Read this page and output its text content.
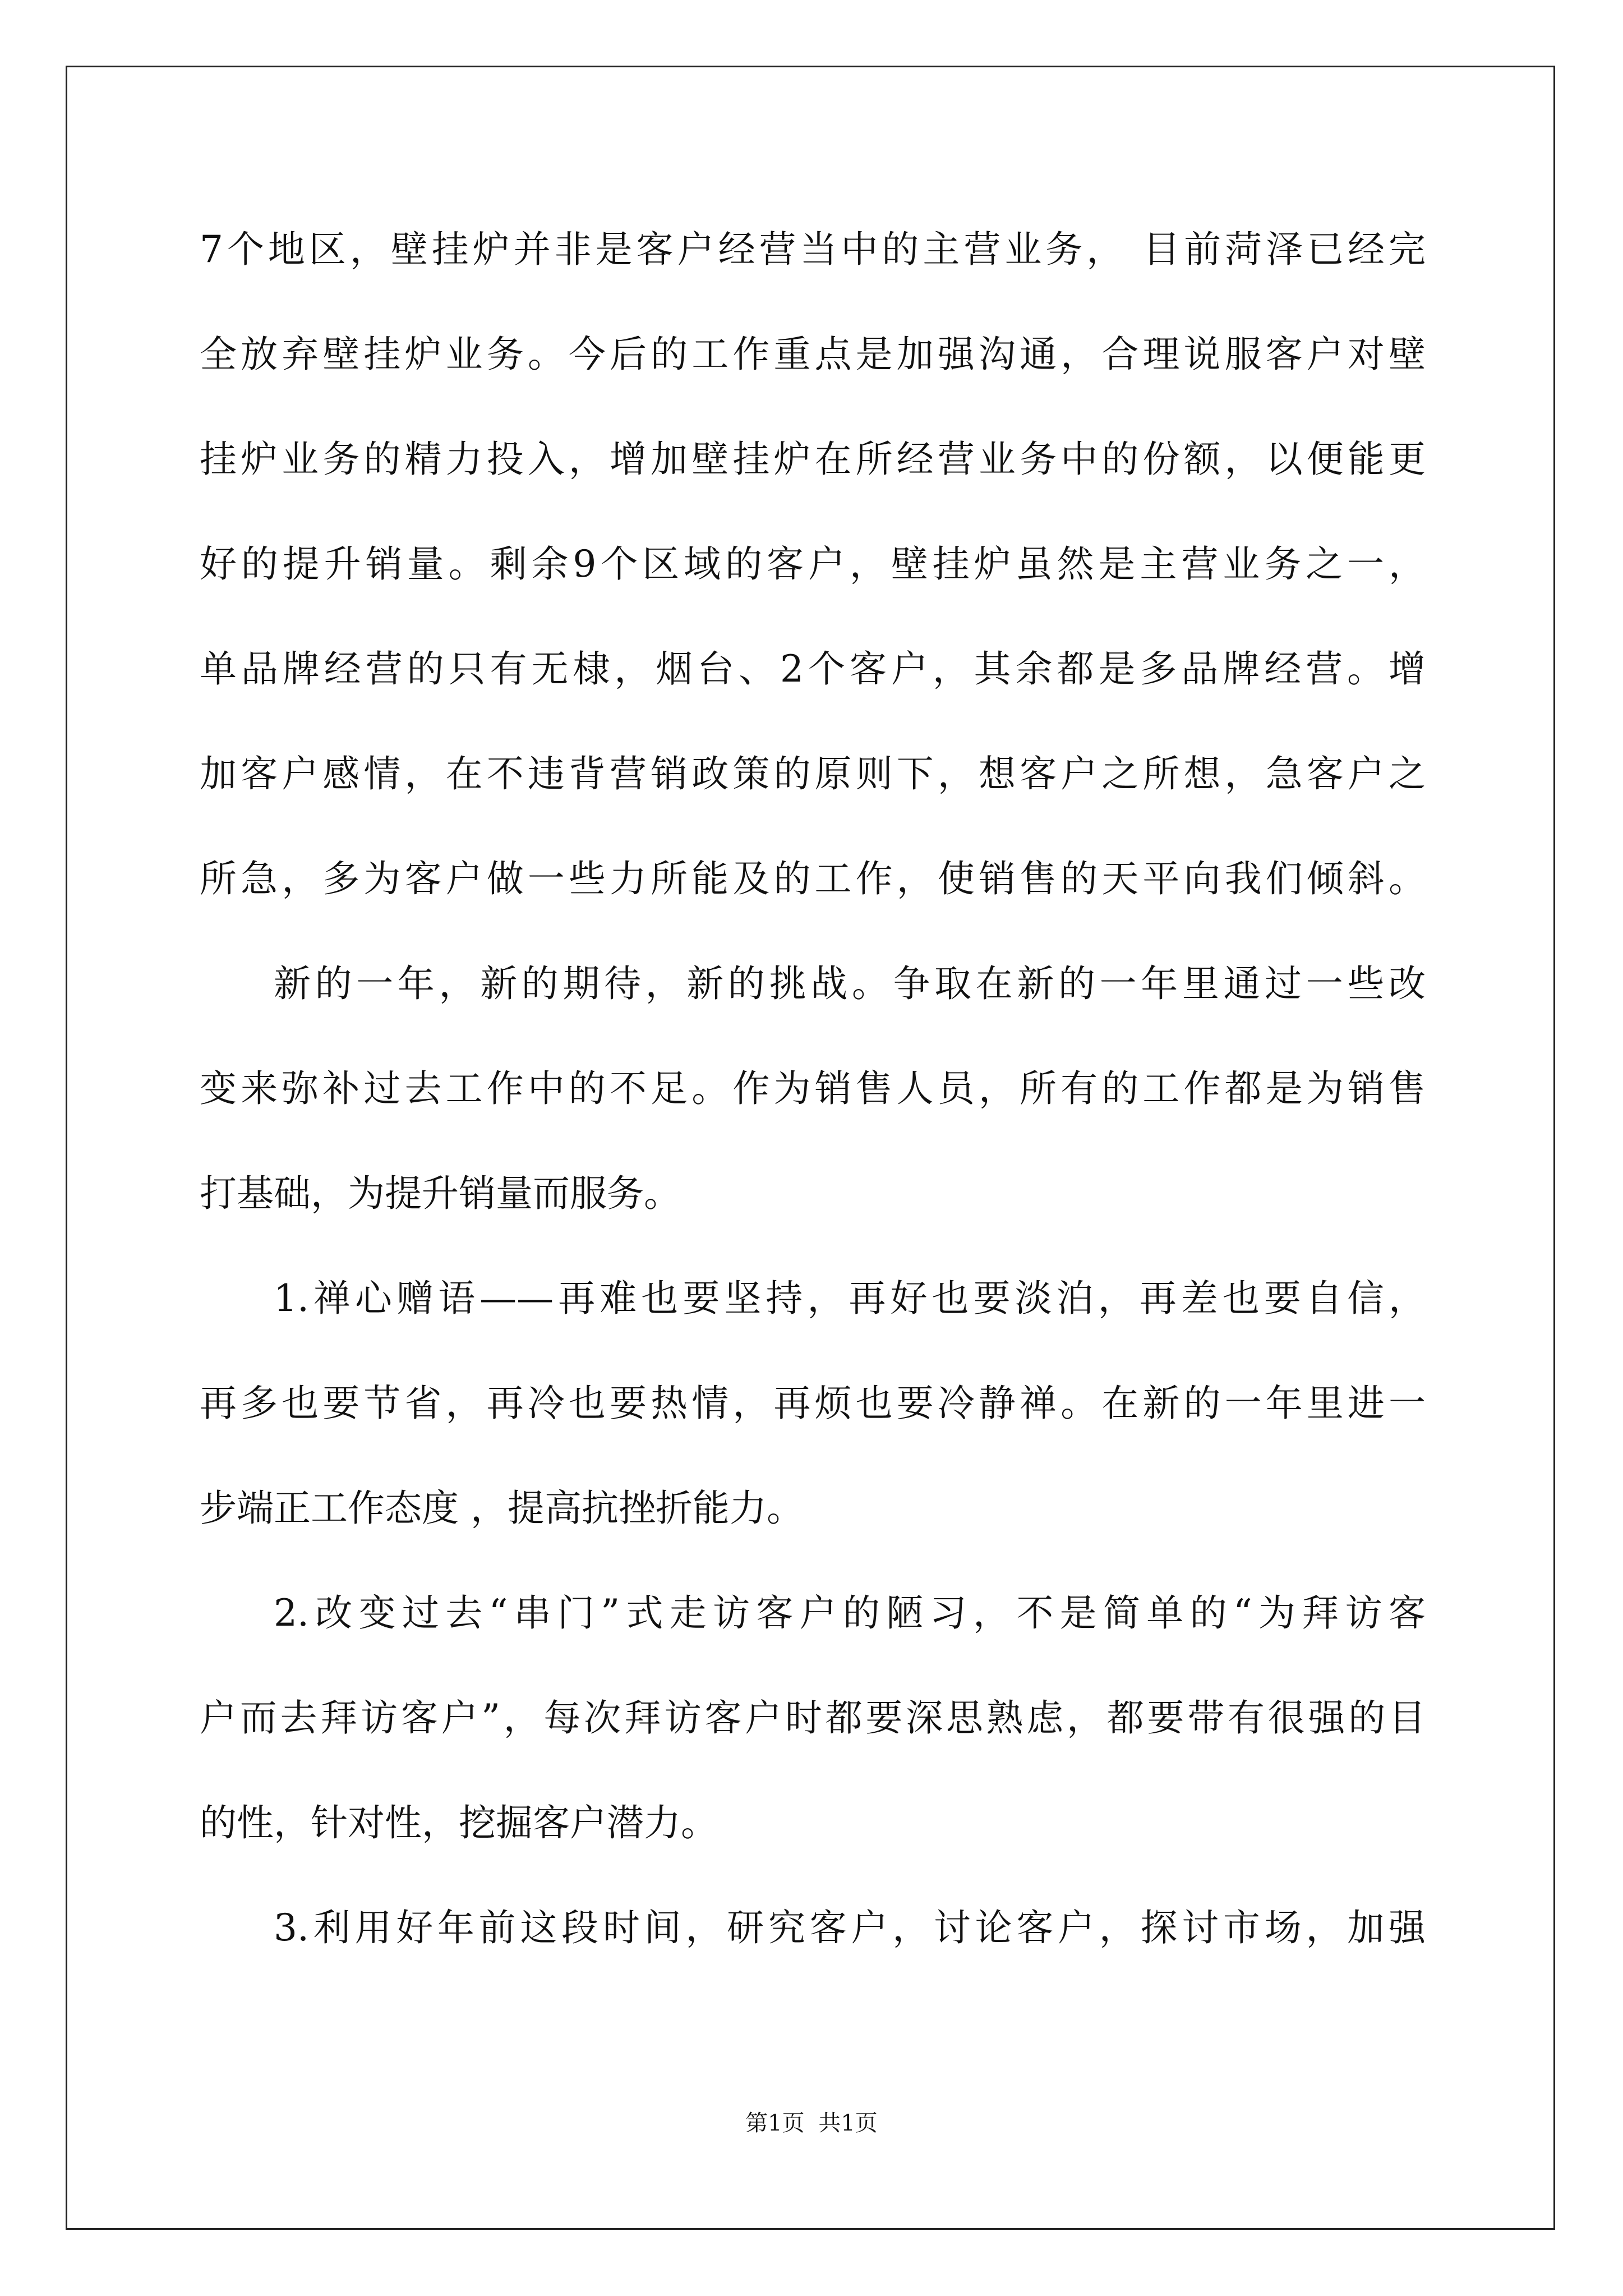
7个地区，壁挂炉并非是客户经营当中的主营业务， 目前菏泽已经完
全放弃壁挂炉业务。今后的工作重点是加强沟通，合理说服客户对壁
挂炉业务的精力投入，增加壁挂炉在所经营业务中的份额，以便能更
好的提升销量。剩余9个区域的客户，壁挂炉虽然是主营业务之一，
单品牌经营的只有无棣，烟台、2个客户，其余都是多品牌经营。增
加客户感情，在不违背营销政策的原则下，想客户之所想，急客户之
所急，多为客户做一些力所能及的工作，使销售的天平向我们倾斜。
新的一年，新的期待，新的挑战。争取在新的一年里通过一些改
变来弥补过去工作中的不足。作为销售人员，所有的工作都是为销售
打基础，为提升销量而服务。
1.禅心赠语——再难也要坚持，再好也要淡泊，再差也要自信，
再多也要节省，再冷也要热情，再烦也要冷静禅。在新的一年里进一
步端正工作态度 ，提高抗挫折能力。
2.改变过去“串门”式走访客户的陋习，不是简单的“为拜访客
户而去拜访客户”，每次拜访客户时都要深思熟虑，都要带有很强的目
的性，针对性，挖掘客户潜力。
3.利用好年前这段时间，研究客户，讨论客户，探讨市场，加强
第1页 共1页
